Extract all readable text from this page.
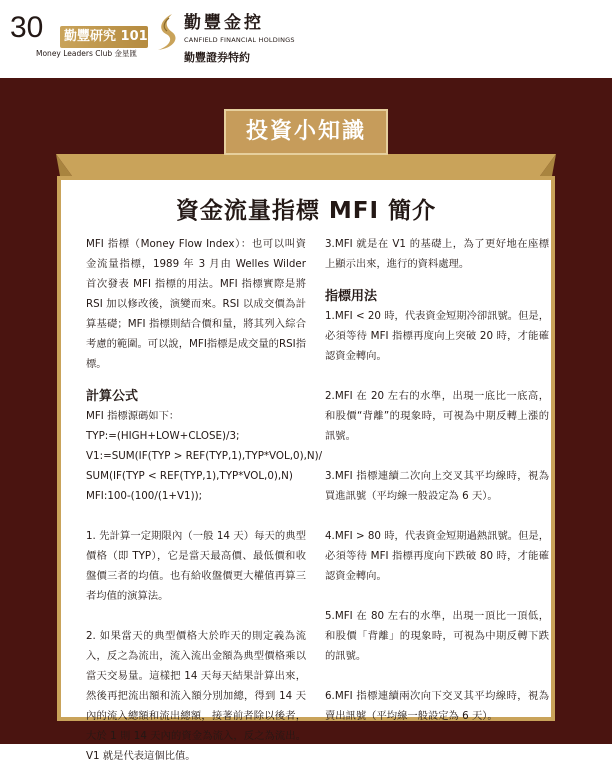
30 勤豐研究 101
Money Leaders Club 金星匯
勤豐金控
CANFIELD FINANCIAL HOLDINGS
勤豐證券特約
投資小知識
資金流量指標 MFI 簡介

MFI 指標（Money Flow Index）：也可以叫資金流量指標，1989 年 3 月由 Welles Wilder 首次發表 MFI 指標的用法。MFI 指標實際是將 RSI 加以修改後，演變而來。RSI 以成交價為計算基礎；MFI 指標則結合價和量，將其列入綜合考慮的範圍。可以說，MFI指標是成交量的RSI指標。

計算公式

MFI 指標源碼如下：

TYP:=(HIGH+LOW+CLOSE)/3;

V1:=SUM(IF(TYP > REF(TYP,1),TYP*VOL,0),N)/

SUM(IF(TYP < REF(TYP,1),TYP*VOL,0),N)

MFI:100-(100/(1+V1));

1. 先計算一定期限內（一般 14 天）每天的典型價格（即 TYP），它是當天最高價、最低價和收盤價三者的均值。也有給收盤價更大權值再算三者均值的演算法。

2. 如果當天的典型價格大於昨天的則定義為流入，反之為流出，流入流出金額為典型價格乘以當天交易量。這樣把 14 天每天結果計算出來，然後再把流出額和流入額分別加總，得到 14 天內的流入總額和流出總額，接著前者除以後者，大於 1 則 14 天內的資金為流入，反之為流出。V1 就是代表這個比值。

3.MFI 就是在 V1 的基礎上，為了更好地在座標上顯示出來，進行的資料處理。

指標用法

1.MFI < 20 時，代表資金短期冷卻訊號。但是，必須等待 MFI 指標再度向上突破 20 時，才能確認資金轉向。

2.MFI 在 20 左右的水準，出現一底比一底高，和股價“背離”的現象時，可視為中期反轉上漲的訊號。

3.MFI 指標連續二次向上交叉其平均線時，視為買進訊號（平均線一般設定為 6 天）。

4.MFI > 80 時，代表資金短期過熱訊號。但是，必須等待 MFI 指標再度向下跌破 80 時，才能確認資金轉向。

5.MFI 在 80 左右的水準，出現一頂比一頂低，和股價「背離」的現象時，可視為中期反轉下跌的訊號。

6.MFI 指標連續兩次向下交叉其平均線時，視為賣出訊號（平均線一般設定為 6 天）。
